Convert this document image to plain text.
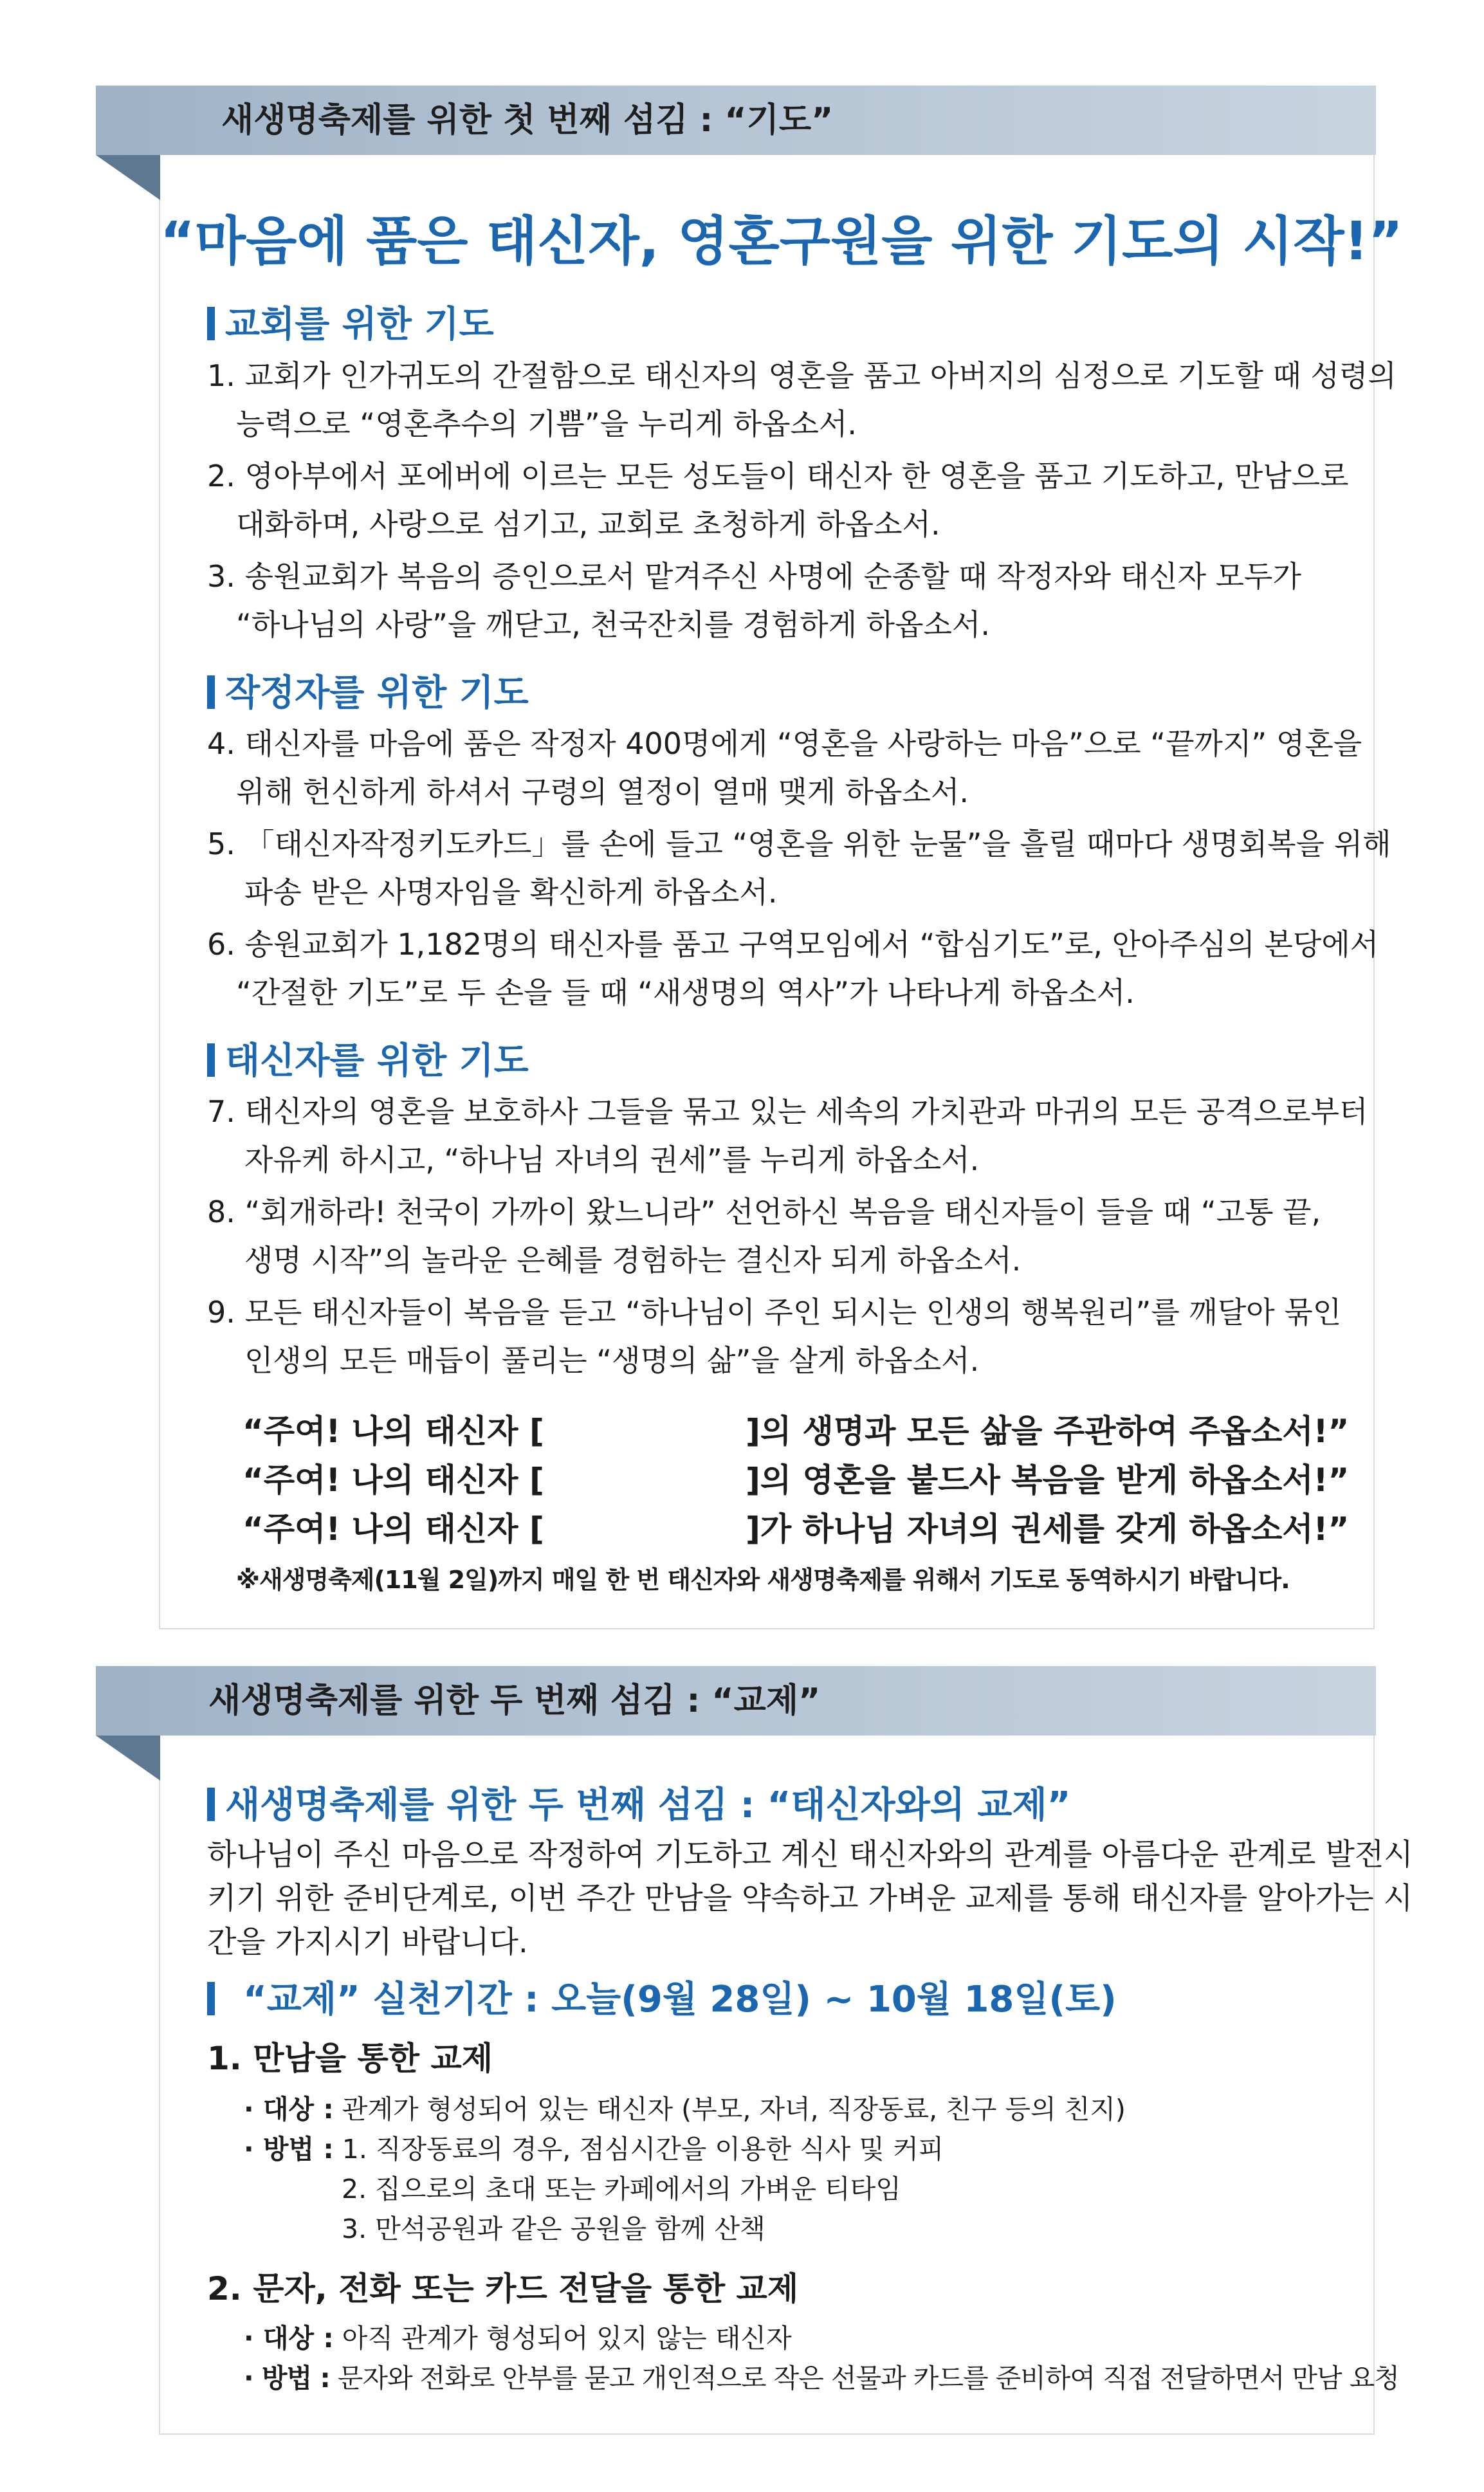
새생명축제를 위한 첫 번째 섬김 : “기도”
“마음에 품은 태신자, 영혼구원을 위한 기도의 시작!”
교회를 위한 기도
1. 교회가 인가귀도의 간절함으로 태신자의 영혼을 품고 아버지의 심정으로 기도할 때 성령의
능력으로 “영혼추수의 기쁨”을 누리게 하옵소서.
2. 영아부에서 포에버에 이르는 모든 성도들이 태신자 한 영혼을 품고 기도하고, 만남으로
대화하며, 사랑으로 섬기고, 교회로 초청하게 하옵소서.
3. 송원교회가 복음의 증인으로서 맡겨주신 사명에 순종할 때 작정자와 태신자 모두가
“하나님의 사랑”을 깨닫고, 천국잔치를 경험하게 하옵소서.
작정자를 위한 기도
4. 태신자를 마음에 품은 작정자 400명에게 “영혼을 사랑하는 마음”으로 “끝까지” 영혼을
위해 헌신하게 하셔서 구령의 열정이 열매 맺게 하옵소서.
5. 「태신자작정키도카드」를 손에 들고 “영혼을 위한 눈물”을 흘릴 때마다 생명회복을 위해
파송 받은 사명자임을 확신하게 하옵소서.
6. 송원교회가 1,182명의 태신자를 품고 구역모임에서 “합심기도”로, 안아주심의 본당에서
“간절한 기도”로 두 손을 들 때 “새생명의 역사”가 나타나게 하옵소서.
태신자를 위한 기도
7. 태신자의 영혼을 보호하사 그들을 묶고 있는 세속의 가치관과 마귀의 모든 공격으로부터
자유케 하시고, “하나님 자녀의 권세”를 누리게 하옵소서.
8. “회개하라! 천국이 가까이 왔느니라” 선언하신 복음을 태신자들이 들을 때 “고통 끝,
생명 시작”의 놀라운 은혜를 경험하는 결신자 되게 하옵소서.
9. 모든 태신자들이 복음을 듣고 “하나님이 주인 되시는 인생의 행복원리”를 깨달아 묶인
인생의 모든 매듭이 풀리는 “생명의 삶”을 살게 하옵소서.
“주여! 나의 태신자 [	]의 생명과 모든 삶을 주관하여 주옵소서!”
“주여! 나의 태신자 [	]의 영혼을 붙드사 복음을 받게 하옵소서!”
“주여! 나의 태신자 [	]가 하나님 자녀의 권세를 갖게 하옵소서!”
※새생명축제(11월 2일)까지 매일 한 번 태신자와 새생명축제를 위해서 기도로 동역하시기 바랍니다.
새생명축제를 위한 두 번째 섬김 : “교제”
새생명축제를 위한 두 번째 섬김 : “태신자와의 교제”
하나님이 주신 마음으로 작정하여 기도하고 계신 태신자와의 관계를 아름다운 관계로 발전시
키기 위한 준비단계로, 이번 주간 만남을 약속하고 가벼운 교제를 통해 태신자를 알아가는 시
간을 가지시기 바랍니다.
“교제” 실천기간 : 오늘(9월 28일) ~ 10월 18일(토)
1. 만남을 통한 교제
· 대상 : 관계가 형성되어 있는 태신자 (부모, 자녀, 직장동료, 친구 등의 친지)
· 방법 : 1. 직장동료의 경우, 점심시간을 이용한 식사 및 커피
2. 집으로의 초대 또는 카페에서의 가벼운 티타임
3. 만석공원과 같은 공원을 함께 산책
2. 문자, 전화 또는 카드 전달을 통한 교제
· 대상 : 아직 관계가 형성되어 있지 않는 태신자
· 방법 : 문자와 전화로 안부를 묻고 개인적으로 작은 선물과 카드를 준비하여 직접 전달하면서 만남 요청
